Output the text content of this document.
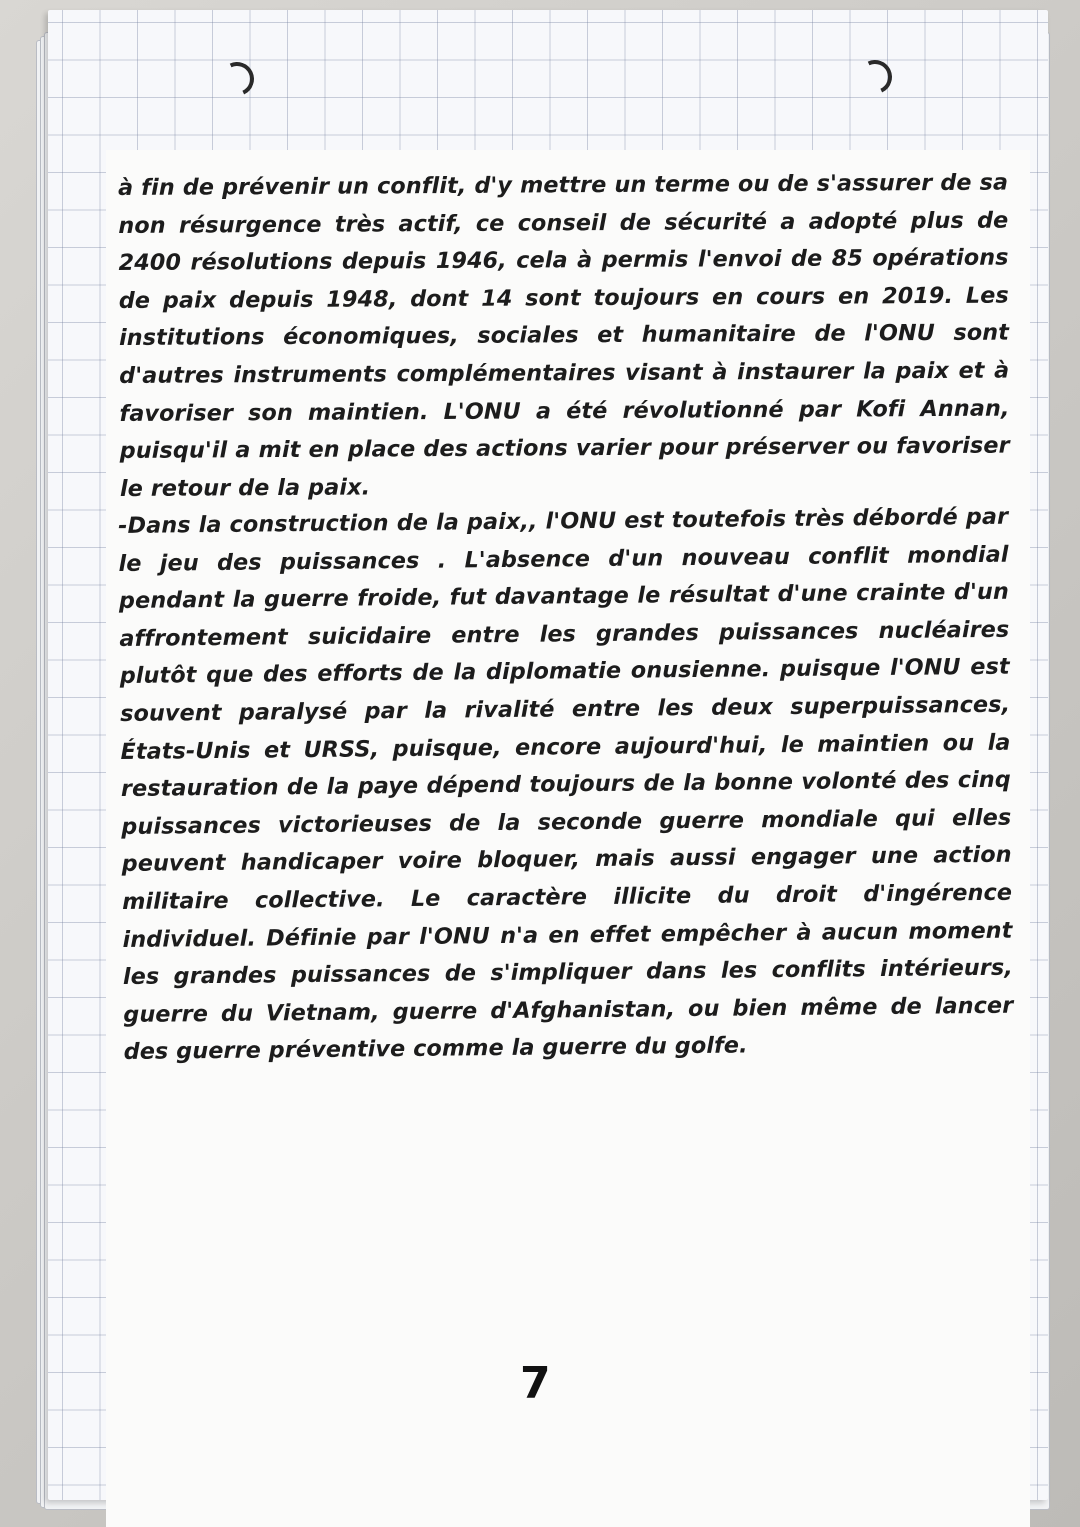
à fin de prévenir un conflit, d'y mettre un terme ou de s'assurer de sa non résurgence très actif, ce conseil de sécurité a adopté plus de 2400 résolutions depuis 1946, cela à permis l'envoi de 85 opérations de paix depuis 1948, dont 14 sont toujours en cours en 2019. Les institutions économiques, sociales et humanitaire de l'ONU sont d'autres instruments complémentaires visant à instaurer la paix et à favoriser son maintien. L'ONU a été révolutionné par Kofi Annan, puisqu'il a mit en place des actions varier pour préserver ou favoriser le retour de la paix.
-Dans la construction de la paix,, l'ONU est toutefois très débordé par le jeu des puissances . L'absence d'un nouveau conflit mondial pendant la guerre froide, fut davantage le résultat d'une crainte d'un affrontement suicidaire entre les grandes puissances nucléaires plutôt que des efforts de la diplomatie onusienne. puisque l'ONU est souvent paralysé par la rivalité entre les deux superpuissances, États-Unis et URSS, puisque, encore aujourd'hui, le maintien ou la restauration de la paye dépend toujours de la bonne volonté des cinq puissances victorieuses de la seconde guerre mondiale qui elles peuvent handicaper voire bloquer, mais aussi engager une action militaire collective. Le caractère illicite du droit d'ingérence individuel. Définie par l'ONU n'a en effet empêcher à aucun moment les grandes puissances de s'impliquer dans les conflits intérieurs, guerre du Vietnam, guerre d'Afghanistan, ou bien même de lancer des guerre préventive comme la guerre du golfe.
7
